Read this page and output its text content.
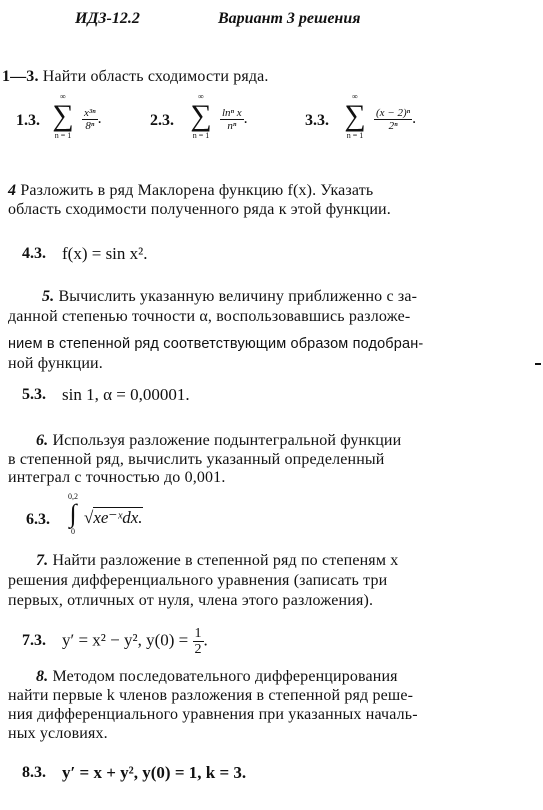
ИДЗ-12.2	Вариант 3 решения
1—3. Найти область сходимости ряда.
1.3.
∞
∑
n = 1
$\frac{\text{x³ⁿ}}{\text{8ⁿ}}$ .	2.3.
∞
∑
n = 1
$\frac{\text{lnⁿ x}}{\text{nⁿ}}$ .	3.3.
∞
∑
n = 1
$\frac{\text{(x − 2)ⁿ}}{\text{2ⁿ}}$ .
4 Разложить в ряд Маклорена функцию f(x). Указать
область сходимости полученного ряда к этой функции.
4.3. f(x) = sin x².
5. Вычислить указанную величину приближенно с за-
данной степенью точности α, воспользовавшись разложе-
нием в степенной ряд соответствующим образом подобран-
ной функции.
5.3. sin 1, α = 0,00001.
6. Используя разложение подынтегральной функции
в степенной ряд, вычислить указанный определенный
интеграл с точностью до 0,001.
6.3.
0,2
∫
0
√xe⁻ˣdx.
7. Найти разложение в степенной ряд по степеням x
решения дифференциального уравнения (записать три
первых, отличных от нуля, члена этого разложения).
7.3. y′ = x² − y², $y(0) = \frac{1}{2}$ .
8. Методом последовательного дифференцирования
найти первые k членов разложения в степенной ряд реше-
ния дифференциального уравнения при указанных началь-
ных условиях.
8.3. y′ = x + y², y(0) = 1, k = 3.
